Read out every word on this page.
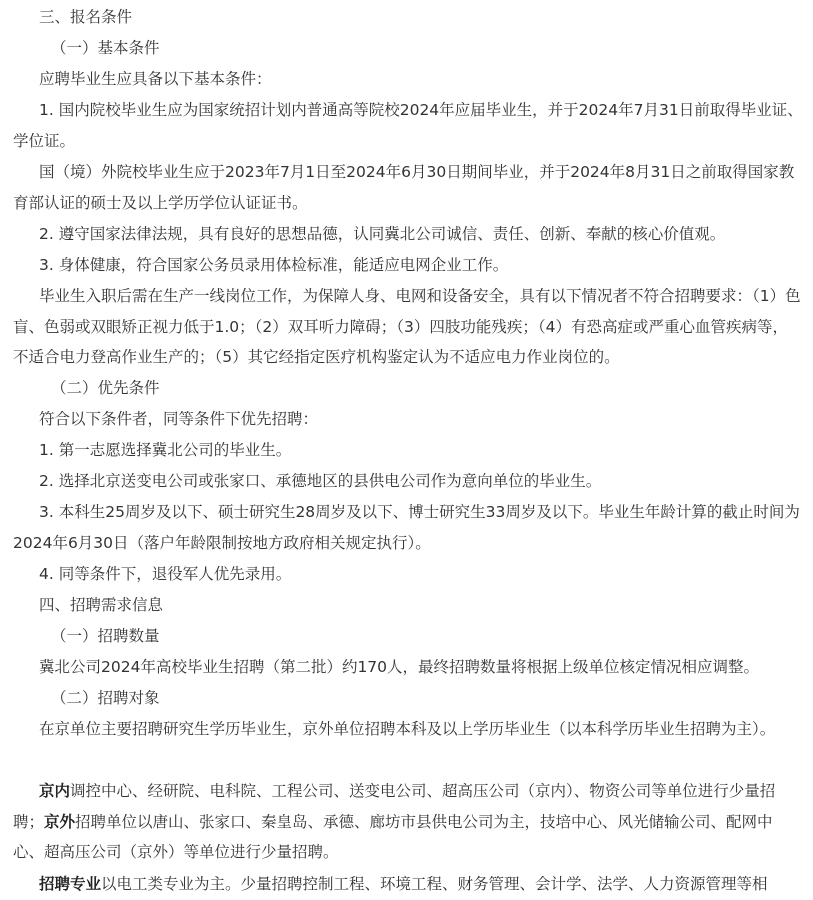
三、报名条件

（一）基本条件

应聘毕业生应具备以下基本条件：

1. 国内院校毕业生应为国家统招计划内普通高等院校2024年应届毕业生，并于2024年7月31日前取得毕业证、学位证。

国（境）外院校毕业生应于2023年7月1日至2024年6月30日期间毕业，并于2024年8月31日之前取得国家教育部认证的硕士及以上学历学位认证证书。

2. 遵守国家法律法规，具有良好的思想品德，认同冀北公司诚信、责任、创新、奉献的核心价值观。

3. 身体健康，符合国家公务员录用体检标准，能适应电网企业工作。

毕业生入职后需在生产一线岗位工作，为保障人身、电网和设备安全，具有以下情况者不符合招聘要求：（1）色盲、色弱或双眼矫正视力低于1.0；（2）双耳听力障碍；（3）四肢功能残疾；（4）有恐高症或严重心血管疾病等，不适合电力登高作业生产的；（5）其它经指定医疗机构鉴定认为不适应电力作业岗位的。

（二）优先条件

符合以下条件者，同等条件下优先招聘：

1. 第一志愿选择冀北公司的毕业生。

2. 选择北京送变电公司或张家口、承德地区的县供电公司作为意向单位的毕业生。

3. 本科生25周岁及以下、硕士研究生28周岁及以下、博士研究生33周岁及以下。毕业生年龄计算的截止时间为2024年6月30日（落户年龄限制按地方政府相关规定执行）。

4. 同等条件下，退役军人优先录用。

四、招聘需求信息

（一）招聘数量

冀北公司2024年高校毕业生招聘（第二批）约170人，最终招聘数量将根据上级单位核定情况相应调整。

（二）招聘对象

在京单位主要招聘研究生学历毕业生，京外单位招聘本科及以上学历毕业生（以本科学历毕业生招聘为主）。

京内调控中心、经研院、电科院、工程公司、送变电公司、超高压公司（京内）、物资公司等单位进行少量招聘；京外招聘单位以唐山、张家口、秦皇岛、承德、廊坊市县供电公司为主，技培中心、风光储输公司、配网中心、超高压公司（京外）等单位进行少量招聘。

招聘专业以电工类专业为主。少量招聘控制工程、环境工程、财务管理、会计学、法学、人力资源管理等相
